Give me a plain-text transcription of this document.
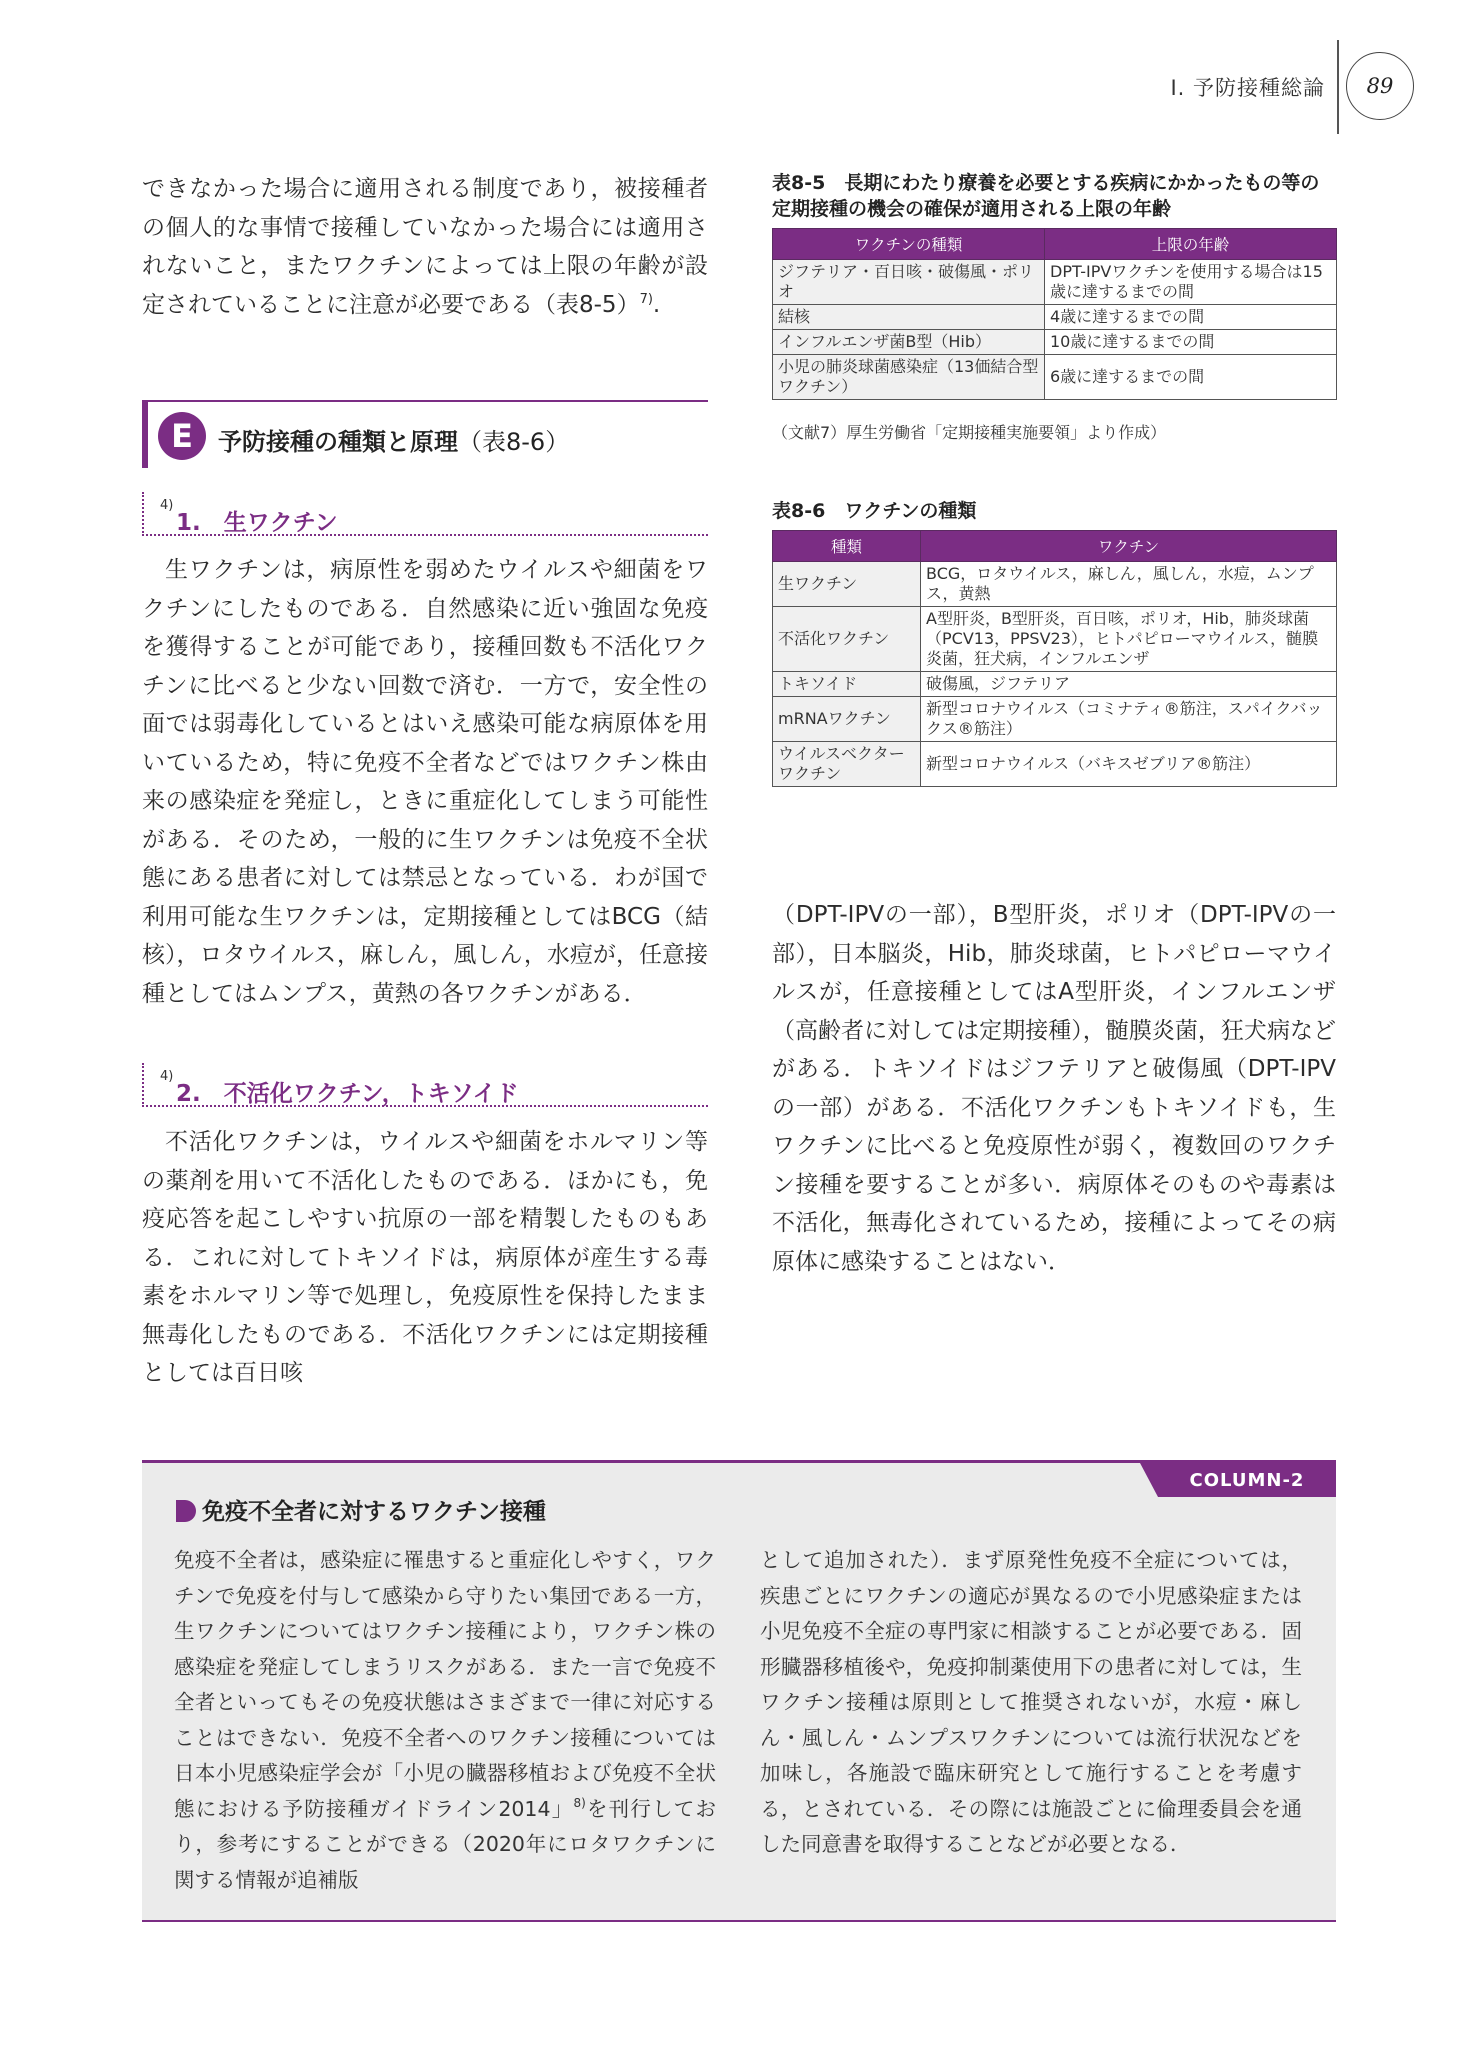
I. 予防接種総論	89

できなかった場合に適用される制度であり，被接種者の個人的な事情で接種していなかった場合には適用されないこと，またワクチンによっては上限の年齢が設定されていることに注意が必要である（表8-5）$^{7)}$.

E	予防接種の種類と原理（表8-6）
1.　生ワクチン
$^{4)}$

生ワクチンは，病原性を弱めたウイルスや細菌をワクチンにしたものである．自然感染に近い強固な免疫を獲得することが可能であり，接種回数も不活化ワクチンに比べると少ない回数で済む．一方で，安全性の面では弱毒化しているとはいえ感染可能な病原体を用いているため，特に免疫不全者などではワクチン株由来の感染症を発症し，ときに重症化してしまう可能性がある．そのため，一般的に生ワクチンは免疫不全状態にある患者に対しては禁忌となっている．わが国で利用可能な生ワクチンは，定期接種としてはBCG（結核），ロタウイルス，麻しん，風しん，水痘が，任意接種としてはムンプス，黄熱の各ワクチンがある．

2.　不活化ワクチン，トキソイド
$^{4)}$

不活化ワクチンは，ウイルスや細菌をホルマリン等の薬剤を用いて不活化したものである．ほかにも，免疫応答を起こしやすい抗原の一部を精製したものもある．これに対してトキソイドは，病原体が産生する毒素をホルマリン等で処理し，免疫原性を保持したまま無毒化したものである．不活化ワクチンには定期接種としては百日咳

表8-5　 長期にわたり療養を必要とする疾病にかかったもの等の定期接種の機会の確保が適用される上限の年齢
ワクチンの種類	上限の年齢
ジフテリア・百日咳・破傷風・ポリオ	DPT-IPVワクチンを使用する場合は15歳に達するまでの間
結核	4歳に達するまでの間
インフルエンザ菌B型（Hib）	10歳に達するまでの間
小児の肺炎球菌感染症（13価結合型ワクチン）	6歳に達するまでの間
（文献7）厚生労働省「定期接種実施要領」より作成）
表8-6　 ワクチンの種類
種類	ワクチン
生ワクチン	BCG，ロタウイルス，麻しん，風しん，水痘，ムンプス，黄熱
不活化ワクチン	A型肝炎，B型肝炎，百日咳，ポリオ，Hib，肺炎球菌（PCV13，PPSV23），ヒトパピローマウイルス，髄膜炎菌，狂犬病，インフルエンザ
トキソイド	破傷風，ジフテリア
mRNAワクチン	新型コロナウイルス（コミナティ®筋注，スパイクバックス®筋注）
ウイルスベクターワクチン	新型コロナウイルス（バキスゼブリア®筋注）

（DPT-IPVの一部），B型肝炎，ポリオ（DPT-IPVの一部），日本脳炎，Hib，肺炎球菌，ヒトパピローマウイルスが，任意接種としてはA型肝炎，インフルエンザ（高齢者に対しては定期接種），髄膜炎菌，狂犬病などがある．トキソイドはジフテリアと破傷風（DPT-IPVの一部）がある．不活化ワクチンもトキソイドも，生ワクチンに比べると免疫原性が弱く，複数回のワクチン接種を要することが多い．病原体そのものや毒素は不活化，無毒化されているため，接種によってその病原体に感染することはない．

COLUMN-2
免疫不全者に対するワクチン接種

免疫不全者は，感染症に罹患すると重症化しやすく，ワクチンで免疫を付与して感染から守りたい集団である一方，生ワクチンについてはワクチン接種により，ワクチン株の感染症を発症してしまうリスクがある．また一言で免疫不全者といってもその免疫状態はさまざまで一律に対応することはできない．免疫不全者へのワクチン接種については日本小児感染症学会が「小児の臓器移植および免疫不全状態における予防接種ガイドライン2014」$^{8)}$を刊行しており，参考にすることができる（2020年にロタワクチンに関する情報が追補版

として追加された）．まず原発性免疫不全症については，疾患ごとにワクチンの適応が異なるので小児感染症または小児免疫不全症の専門家に相談することが必要である．固形臓器移植後や，免疫抑制薬使用下の患者に対しては，生ワクチン接種は原則として推奨されないが，水痘・麻しん・風しん・ムンプスワクチンについては流行状況などを加味し，各施設で臨床研究として施行することを考慮する，とされている．その際には施設ごとに倫理委員会を通した同意書を取得することなどが必要となる．
